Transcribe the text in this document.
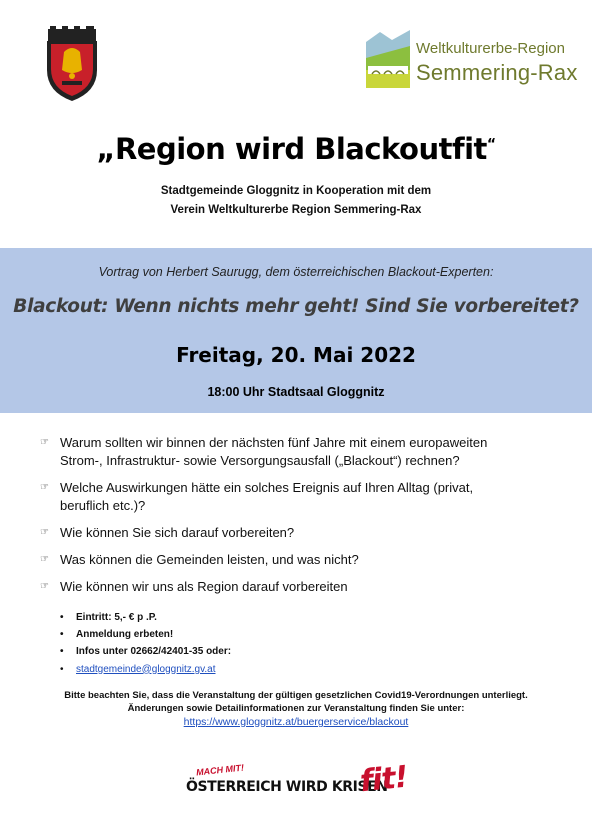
Weltkulturerbe-Region
Semmering-Rax
„Region wird Blackoutfit“
Stadtgemeinde Gloggnitz in Kooperation mit dem
Verein Weltkulturerbe Region Semmering-Rax
Vortrag von Herbert Saurugg, dem österreichischen Blackout-Experten:
Blackout: Wenn nichts mehr geht! Sind Sie vorbereitet?
Freitag, 20. Mai 2022
18:00 Uhr Stadtsaal Gloggnitz
☞ Warum sollten wir binnen der nächsten fünf Jahre mit einem europaweiten
Strom-, Infrastruktur- sowie Versorgungsausfall („Blackout“) rechnen?
☞ Welche Auswirkungen hätte ein solches Ereignis auf Ihren Alltag (privat,
beruflich etc.)?
☞ Wie können Sie sich darauf vorbereiten?
☞ Was können die Gemeinden leisten, und was nicht?
☞ Wie können wir uns als Region darauf vorbereiten
• Eintritt: 5,- € p .P.
• Anmeldung erbeten!
• Infos unter 02662/42401-35 oder:
• stadtgemeinde@gloggnitz.gv.at
Bitte beachten Sie, dass die Veranstaltung der gültigen gesetzlichen Covid19-Verordnungen unterliegt.
Änderungen sowie Detailinformationen zur Veranstaltung finden Sie unter:
https://www.gloggnitz.at/buergerservice/blackout
MACH MIT!
ÖSTERREICH WIRD KRISEN
fit!
